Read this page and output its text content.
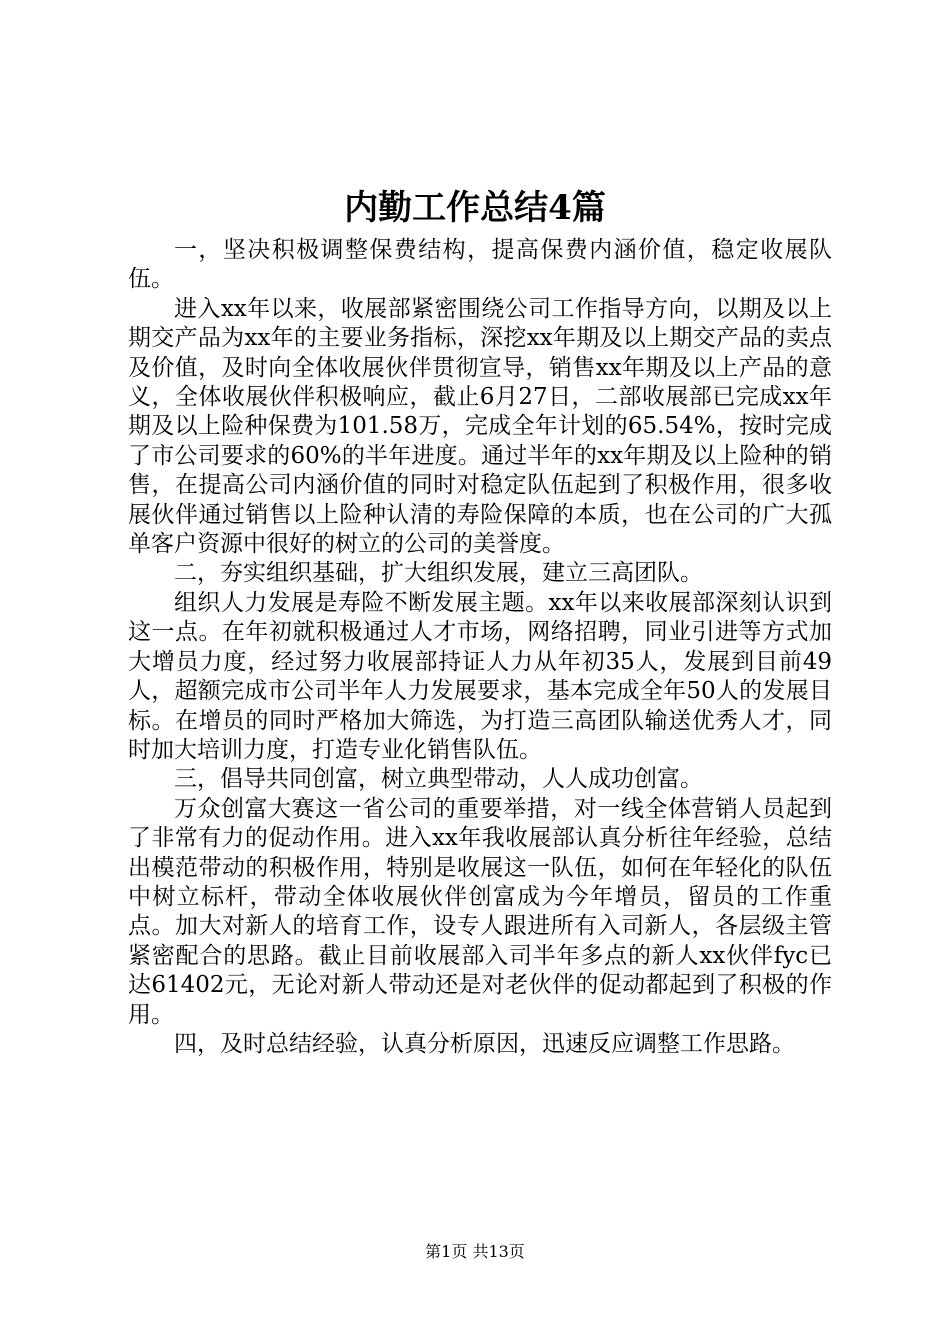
内勤工作总结4篇

一，坚决积极调整保费结构，提高保费内涵价值，稳定收展队伍。

进入xx年以来，收展部紧密围绕公司工作指导方向，以期及以上期交产品为xx年的主要业务指标，深挖xx年期及以上期交产品的卖点及价值，及时向全体收展伙伴贯彻宣导，销售xx年期及以上产品的意义，全体收展伙伴积极响应，截止6月27日，二部收展部已完成xx年期及以上险种保费为101.58万，完成全年计划的65.54%，按时完成了市公司要求的60%的半年进度。通过半年的xx年期及以上险种的销售，在提高公司内涵价值的同时对稳定队伍起到了积极作用，很多收展伙伴通过销售以上险种认清的寿险保障的本质，也在公司的广大孤单客户资源中很好的树立的公司的美誉度。

二，夯实组织基础，扩大组织发展，建立三高团队。

组织人力发展是寿险不断发展主题。xx年以来收展部深刻认识到这一点。在年初就积极通过人才市场，网络招聘，同业引进等方式加大增员力度，经过努力收展部持证人力从年初35人，发展到目前49人，超额完成市公司半年人力发展要求，基本完成全年50人的发展目标。在增员的同时严格加大筛选，为打造三高团队输送优秀人才，同时加大培训力度，打造专业化销售队伍。

三，倡导共同创富，树立典型带动，人人成功创富。

万众创富大赛这一省公司的重要举措，对一线全体营销人员起到了非常有力的促动作用。进入xx年我收展部认真分析往年经验，总结出模范带动的积极作用，特别是收展这一队伍，如何在年轻化的队伍中树立标杆，带动全体收展伙伴创富成为今年增员，留员的工作重点。加大对新人的培育工作，设专人跟进所有入司新人，各层级主管紧密配合的思路。截止目前收展部入司半年多点的新人xx伙伴fyc已达61402元，无论对新人带动还是对老伙伴的促动都起到了积极的作用。

四，及时总结经验，认真分析原因，迅速反应调整工作思路。

第1页 共13页
